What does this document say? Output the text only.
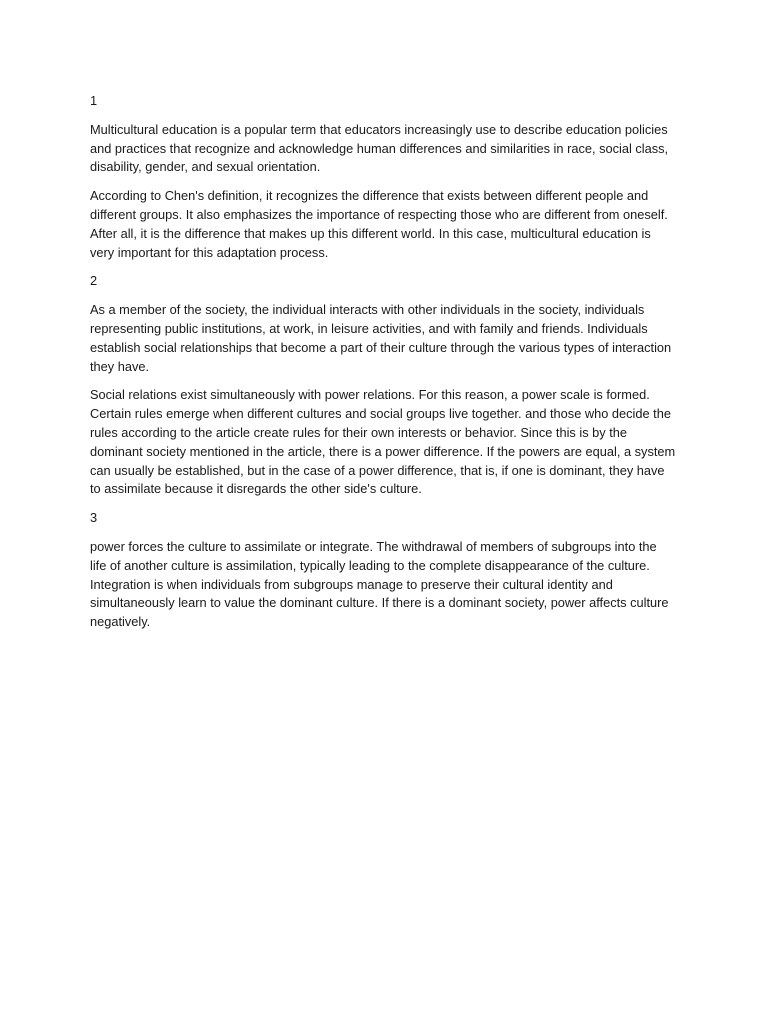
1

Multicultural education is a popular term that educators increasingly use to describe education policies and practices that recognize and acknowledge human differences and similarities in race, social class, disability, gender, and sexual orientation.

According to Chen's definition, it recognizes the difference that exists between different people and different groups. It also emphasizes the importance of respecting those who are different from oneself. After all, it is the difference that makes up this different world. In this case, multicultural education is very important for this adaptation process.

2

As a member of the society, the individual interacts with other individuals in the society, individuals representing public institutions, at work, in leisure activities, and with family and friends. Individuals establish social relationships that become a part of their culture through the various types of interaction they have.

Social relations exist simultaneously with power relations. For this reason, a power scale is formed. Certain rules emerge when different cultures and social groups live together. and those who decide the rules according to the article create rules for their own interests or behavior. Since this is by the dominant society mentioned in the article, there is a power difference. If the powers are equal, a system can usually be established, but in the case of a power difference, that is, if one is dominant, they have to assimilate because it disregards the other side's culture.

3

power forces the culture to assimilate or integrate. The withdrawal of members of subgroups into the life of another culture is assimilation, typically leading to the complete disappearance of the culture. Integration is when individuals from subgroups manage to preserve their cultural identity and simultaneously learn to value the dominant culture. If there is a dominant society, power affects culture negatively.
